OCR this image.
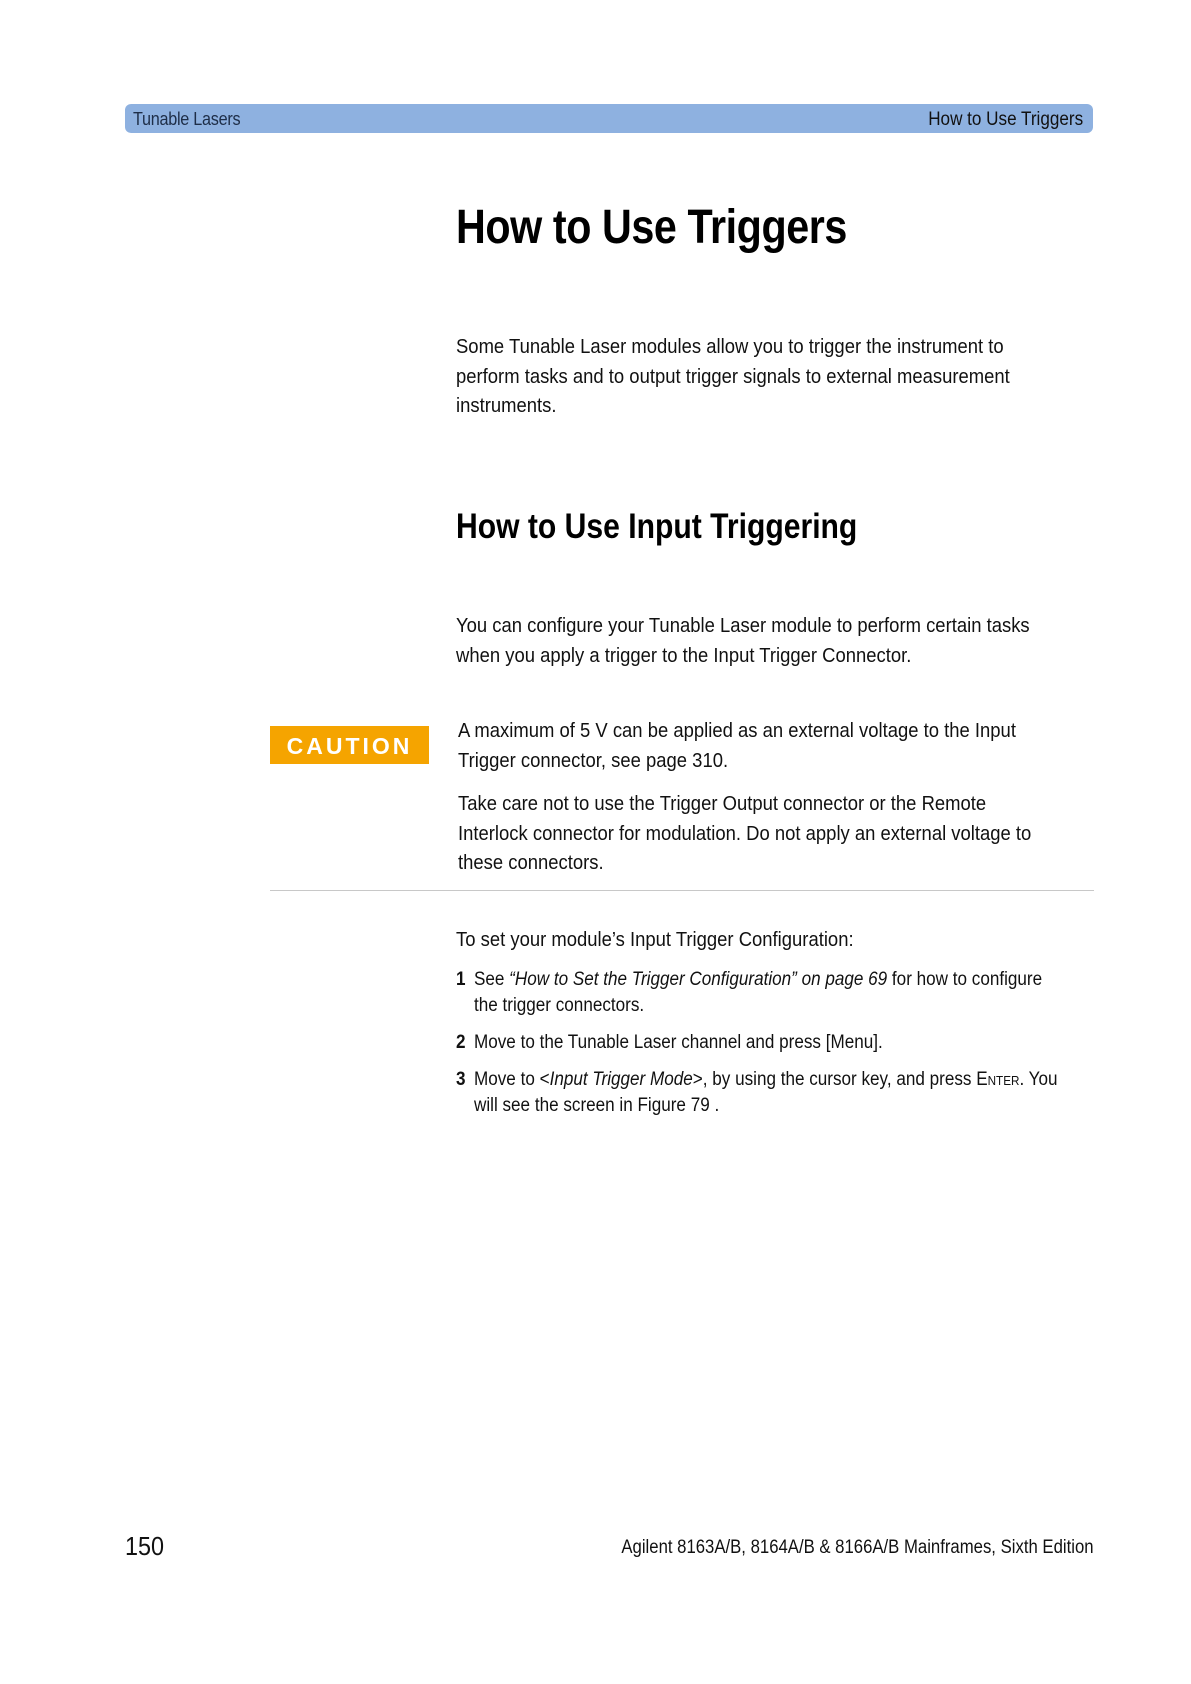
Tunable Lasers	How to Use Triggers
How to Use Triggers

Some Tunable Laser modules allow you to trigger the instrument to perform tasks and to output trigger signals to external measurement instruments.

How to Use Input Triggering

You can configure your Tunable Laser module to perform certain tasks when you apply a trigger to the Input Trigger Connector.

CAUTION

A maximum of 5 V can be applied as an external voltage to the Input Trigger connector, see page 310.

Take care not to use the Trigger Output connector or the Remote Interlock connector for modulation. Do not apply an external voltage to these connectors.

To set your module’s Input Trigger Configuration:

1 See “How to Set the Trigger Configuration” on page 69 for how to configure the trigger connectors.
2 Move to the Tunable Laser channel and press [Menu].
3 Move to <Input Trigger Mode>, by using the cursor key, and press Enter. You will see the screen in Figure 79 .
150	Agilent 8163A/B, 8164A/B & 8166A/B Mainframes, Sixth Edition
